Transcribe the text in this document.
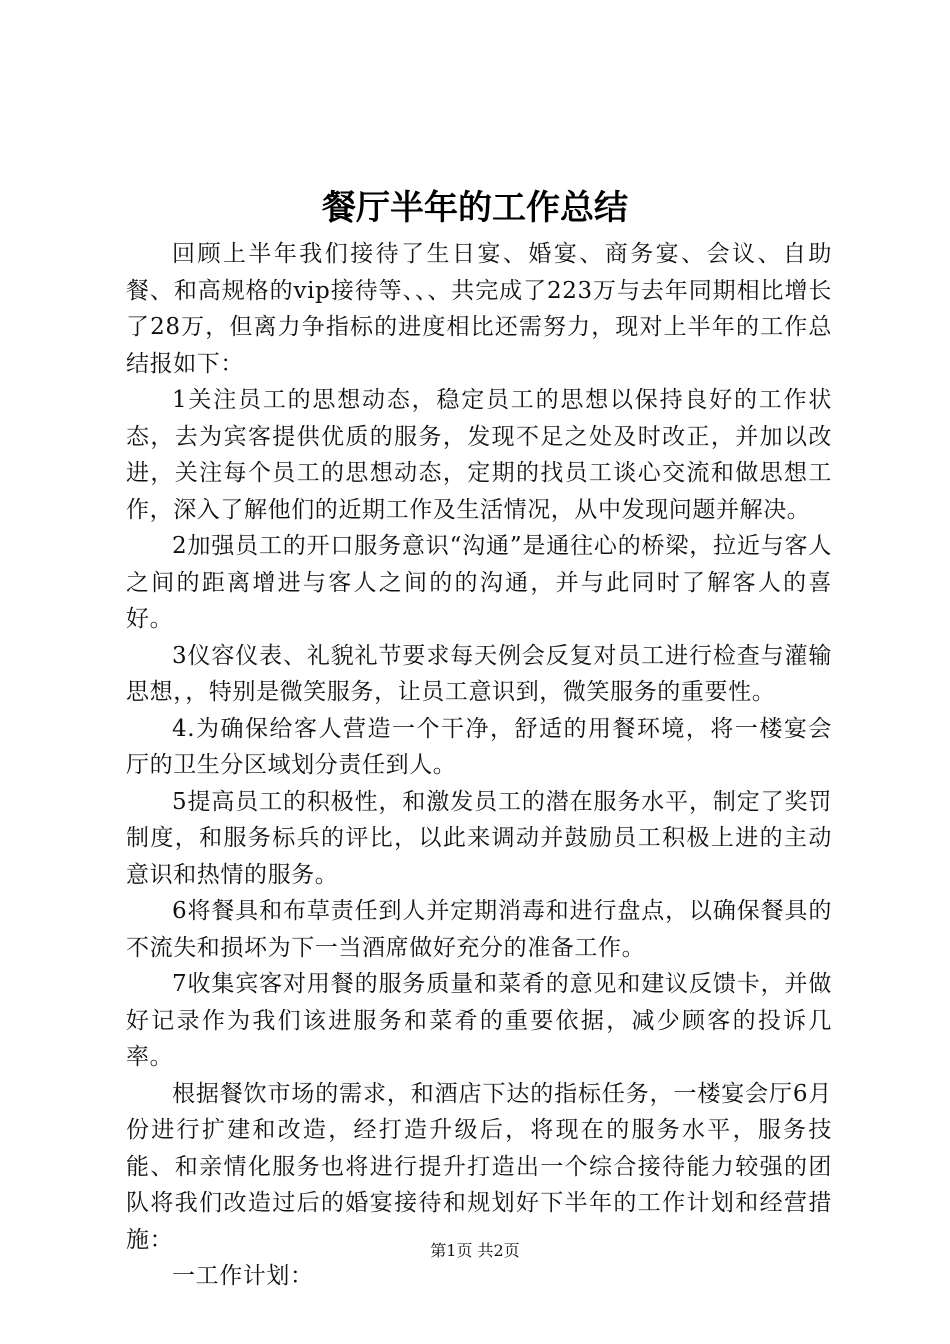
餐厅半年的工作总结

回顾上半年我们接待了生日宴、婚宴、商务宴、会议、自助餐、和高规格的vip接待等、、、共完成了223万与去年同期相比增长了28万，但离力争指标的进度相比还需努力，现对上半年的工作总结报如下：

1关注员工的思想动态，稳定员工的思想以保持良好的工作状态，去为宾客提供优质的服务，发现不足之处及时改正，并加以改进，关注每个员工的思想动态，定期的找员工谈心交流和做思想工作，深入了解他们的近期工作及生活情况，从中发现问题并解决。

2加强员工的开口服务意识“沟通”是通往心的桥梁，拉近与客人之间的距离增进与客人之间的的沟通，并与此同时了解客人的喜好。

3仪容仪表、礼貌礼节要求每天例会反复对员工进行检查与灌输思想，，特别是微笑服务，让员工意识到，微笑服务的重要性。

4.为确保给客人营造一个干净，舒适的用餐环境，将一楼宴会厅的卫生分区域划分责任到人。

5提高员工的积极性，和激发员工的潜在服务水平，制定了奖罚制度，和服务标兵的评比，以此来调动并鼓励员工积极上进的主动意识和热情的服务。

6将餐具和布草责任到人并定期消毒和进行盘点，以确保餐具的不流失和损坏为下一当酒席做好充分的准备工作。

7收集宾客对用餐的服务质量和菜肴的意见和建议反馈卡，并做好记录作为我们该进服务和菜肴的重要依据，减少顾客的投诉几率。

根据餐饮市场的需求，和酒店下达的指标任务，一楼宴会厅6月份进行扩建和改造，经打造升级后，将现在的服务水平，服务技能、和亲情化服务也将进行提升打造出一个综合接待能力较强的团队将我们改造过后的婚宴接待和规划好下半年的工作计划和经营措施：

一工作计划：

第1页 共2页
